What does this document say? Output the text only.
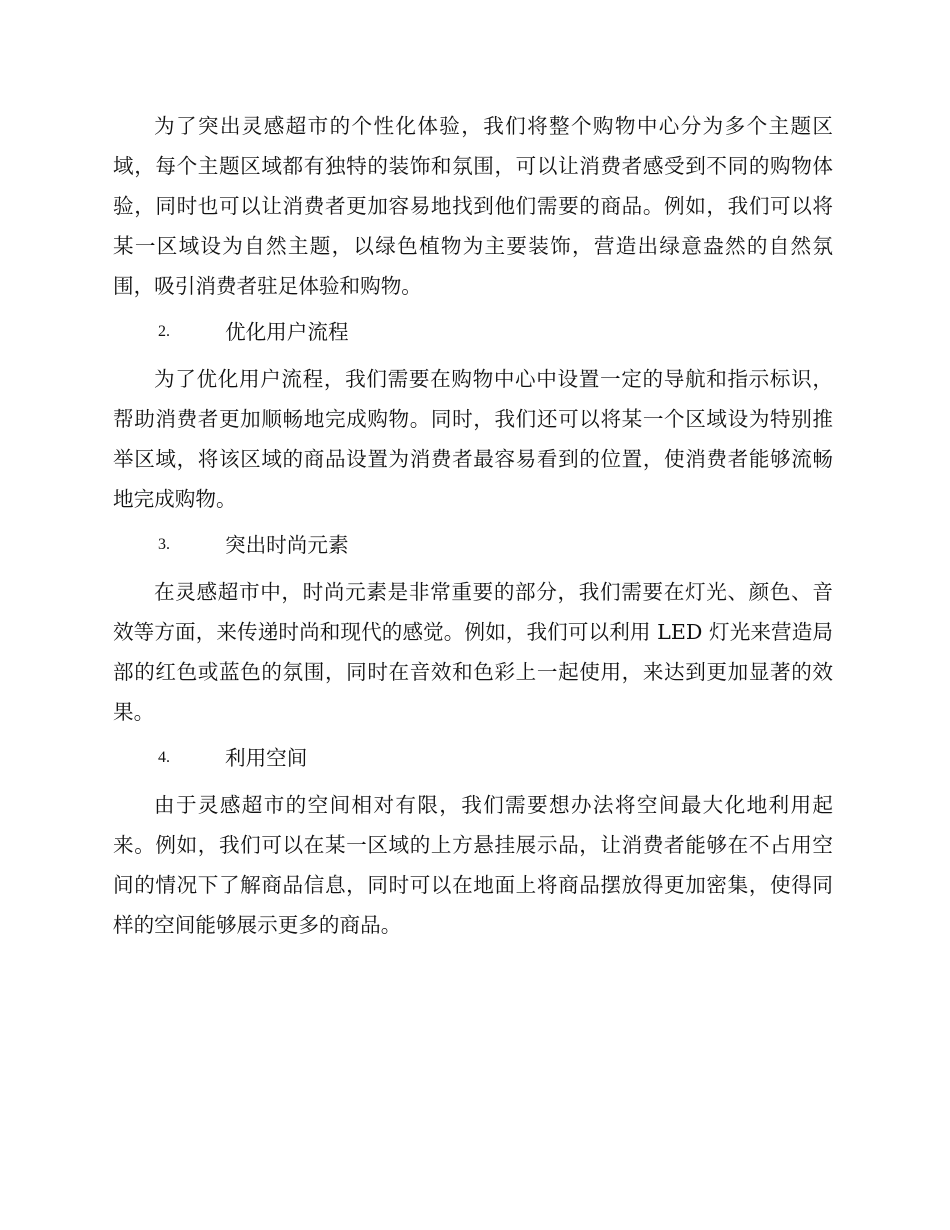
为了突出灵感超市的个性化体验，我们将整个购物中心分为多个主题区域，每个主题区域都有独特的装饰和氛围，可以让消费者感受到不同的购物体验，同时也可以让消费者更加容易地找到他们需要的商品。例如，我们可以将某一区域设为自然主题，以绿色植物为主要装饰，营造出绿意盎然的自然氛围，吸引消费者驻足体验和购物。

2.	优化用户流程

为了优化用户流程，我们需要在购物中心中设置一定的导航和指示标识，帮助消费者更加顺畅地完成购物。同时，我们还可以将某一个区域设为特别推举区域，将该区域的商品设置为消费者最容易看到的位置，使消费者能够流畅地完成购物。

3.	突出时尚元素

在灵感超市中，时尚元素是非常重要的部分，我们需要在灯光、颜色、音效等方面，来传递时尚和现代的感觉。例如，我们可以利用 LED 灯光来营造局部的红色或蓝色的氛围，同时在音效和色彩上一起使用，来达到更加显著的效果。

4.	利用空间

由于灵感超市的空间相对有限，我们需要想办法将空间最大化地利用起来。例如，我们可以在某一区域的上方悬挂展示品，让消费者能够在不占用空间的情况下了解商品信息，同时可以在地面上将商品摆放得更加密集，使得同样的空间能够展示更多的商品。
